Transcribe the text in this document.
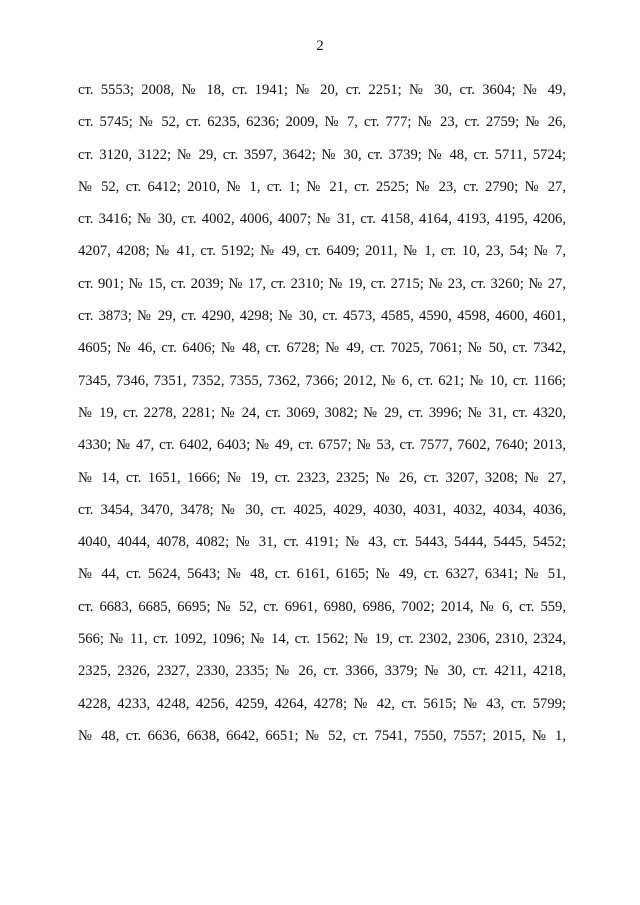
2
ст. 5553; 2008, № 18, ст. 1941; № 20, ст. 2251; № 30, ст. 3604; № 49,
ст. 5745; № 52, ст. 6235, 6236; 2009, № 7, ст. 777; № 23, ст. 2759; № 26,
ст. 3120, 3122; № 29, ст. 3597, 3642; № 30, ст. 3739; № 48, ст. 5711, 5724;
№ 52, ст. 6412; 2010, № 1, ст. 1; № 21, ст. 2525; № 23, ст. 2790; № 27,
ст. 3416; № 30, ст. 4002, 4006, 4007; № 31, ст. 4158, 4164, 4193, 4195, 4206,
4207, 4208; № 41, ст. 5192; № 49, ст. 6409; 2011, № 1, ст. 10, 23, 54; № 7,
ст. 901; № 15, ст. 2039; № 17, ст. 2310; № 19, ст. 2715; № 23, ст. 3260; № 27,
ст. 3873; № 29, ст. 4290, 4298; № 30, ст. 4573, 4585, 4590, 4598, 4600, 4601,
4605; № 46, ст. 6406; № 48, ст. 6728; № 49, ст. 7025, 7061; № 50, ст. 7342,
7345, 7346, 7351, 7352, 7355, 7362, 7366; 2012, № 6, ст. 621; № 10, ст. 1166;
№ 19, ст. 2278, 2281; № 24, ст. 3069, 3082; № 29, ст. 3996; № 31, ст. 4320,
4330; № 47, ст. 6402, 6403; № 49, ст. 6757; № 53, ст. 7577, 7602, 7640; 2013,
№ 14, ст. 1651, 1666; № 19, ст. 2323, 2325; № 26, ст. 3207, 3208; № 27,
ст. 3454, 3470, 3478; № 30, ст. 4025, 4029, 4030, 4031, 4032, 4034, 4036,
4040, 4044, 4078, 4082; № 31, ст. 4191; № 43, ст. 5443, 5444, 5445, 5452;
№ 44, ст. 5624, 5643; № 48, ст. 6161, 6165; № 49, ст. 6327, 6341; № 51,
ст. 6683, 6685, 6695; № 52, ст. 6961, 6980, 6986, 7002; 2014, № 6, ст. 559,
566; № 11, ст. 1092, 1096; № 14, ст. 1562; № 19, ст. 2302, 2306, 2310, 2324,
2325, 2326, 2327, 2330, 2335; № 26, ст. 3366, 3379; № 30, ст. 4211, 4218,
4228, 4233, 4248, 4256, 4259, 4264, 4278; № 42, ст. 5615; № 43, ст. 5799;
№ 48, ст. 6636, 6638, 6642, 6651; № 52, ст. 7541, 7550, 7557; 2015, № 1,
